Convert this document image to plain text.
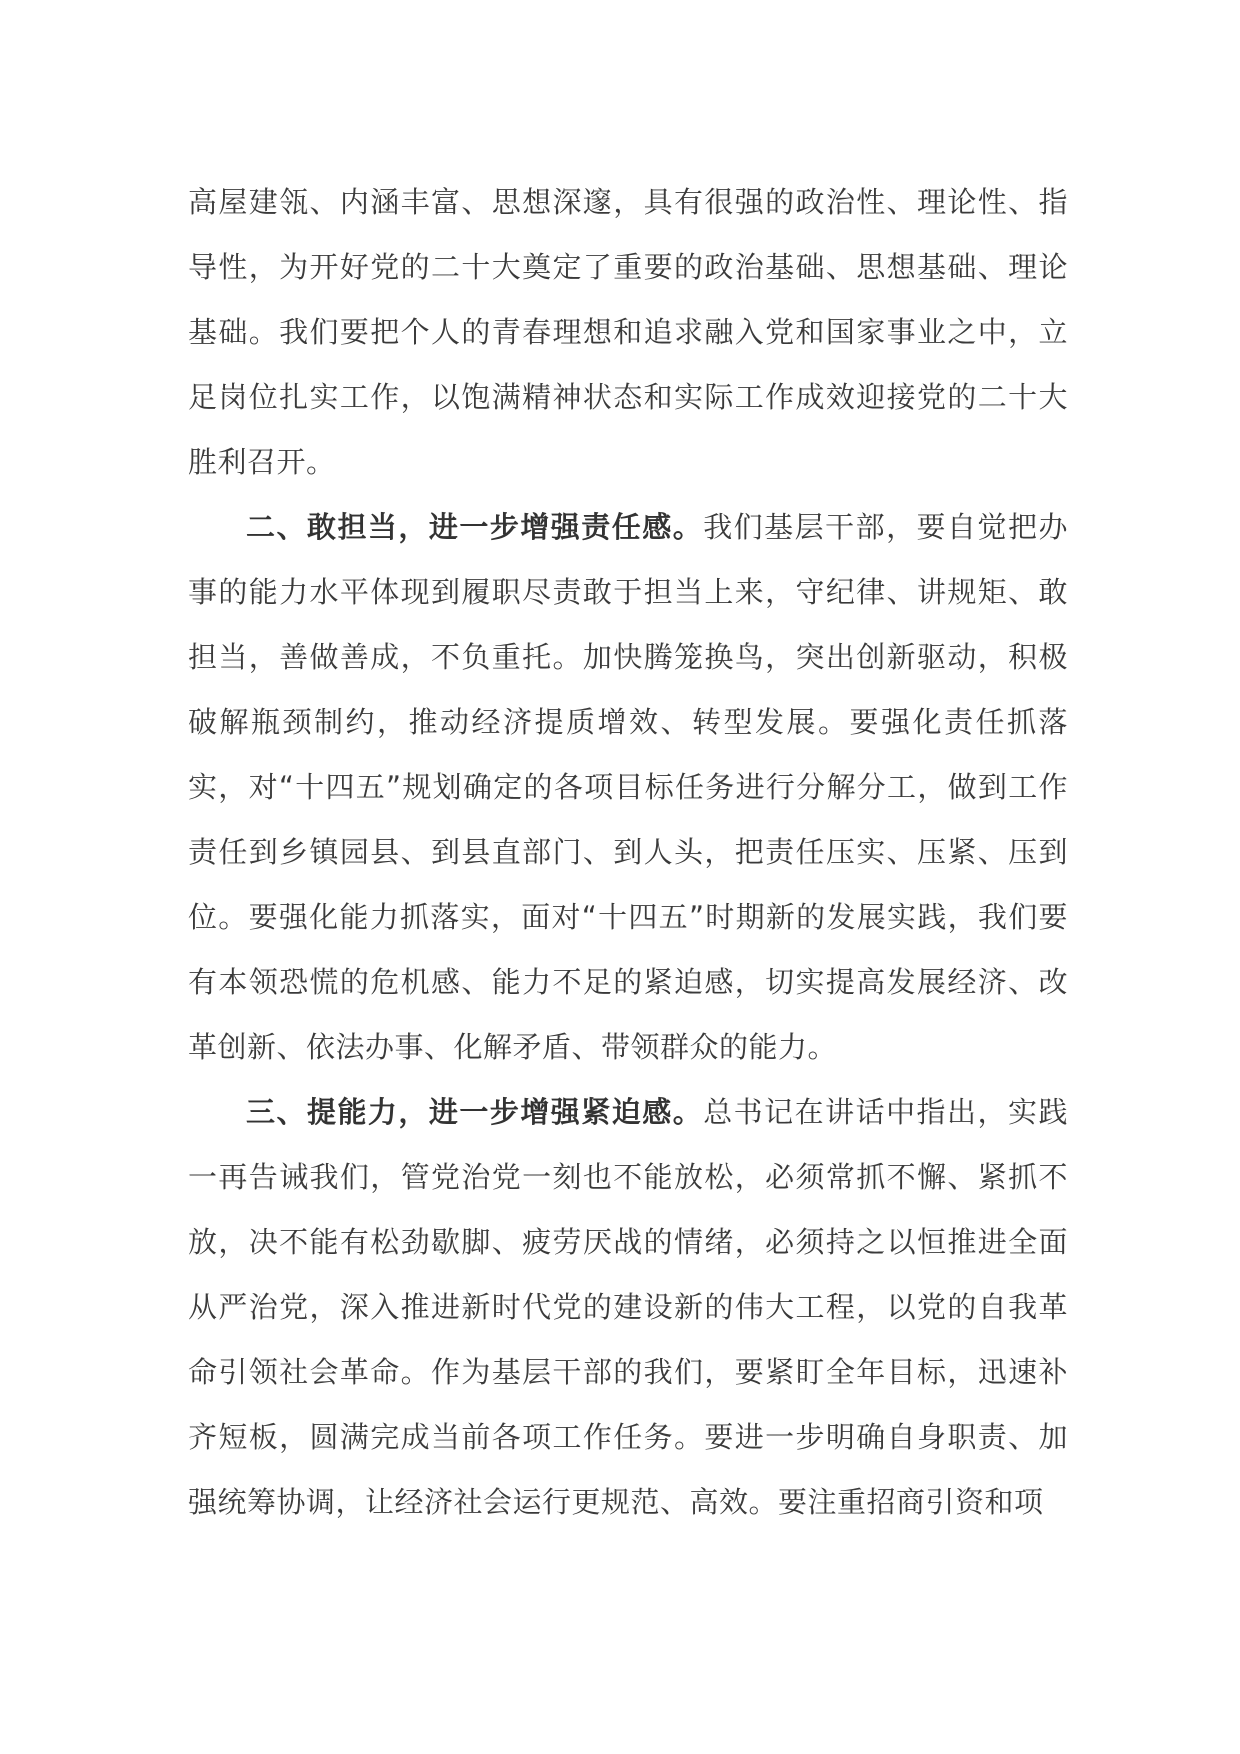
高屋建瓴、内涵丰富、思想深邃，具有很强的政治性、理论性、指导性，为开好党的二十大奠定了重要的政治基础、思想基础、理论基础。我们要把个人的青春理想和追求融入党和国家事业之中，立足岗位扎实工作，以饱满精神状态和实际工作成效迎接党的二十大胜利召开。

二、敢担当，进一步增强责任感。我们基层干部，要自觉把办事的能力水平体现到履职尽责敢于担当上来，守纪律、讲规矩、敢担当，善做善成，不负重托。加快腾笼换鸟，突出创新驱动，积极破解瓶颈制约，推动经济提质增效、转型发展。要强化责任抓落实，对“十四五”规划确定的各项目标任务进行分解分工，做到工作责任到乡镇园县、到县直部门、到人头，把责任压实、压紧、压到位。要强化能力抓落实，面对“十四五”时期新的发展实践，我们要有本领恐慌的危机感、能力不足的紧迫感，切实提高发展经济、改革创新、依法办事、化解矛盾、带领群众的能力。

三、提能力，进一步增强紧迫感。总书记在讲话中指出，实践一再告诫我们，管党治党一刻也不能放松，必须常抓不懈、紧抓不放，决不能有松劲歇脚、疲劳厌战的情绪，必须持之以恒推进全面从严治党，深入推进新时代党的建设新的伟大工程，以党的自我革命引领社会革命。作为基层干部的我们，要紧盯全年目标，迅速补齐短板，圆满完成当前各项工作任务。要进一步明确自身职责、加强统筹协调，让经济社会运行更规范、高效。要注重招商引资和项
